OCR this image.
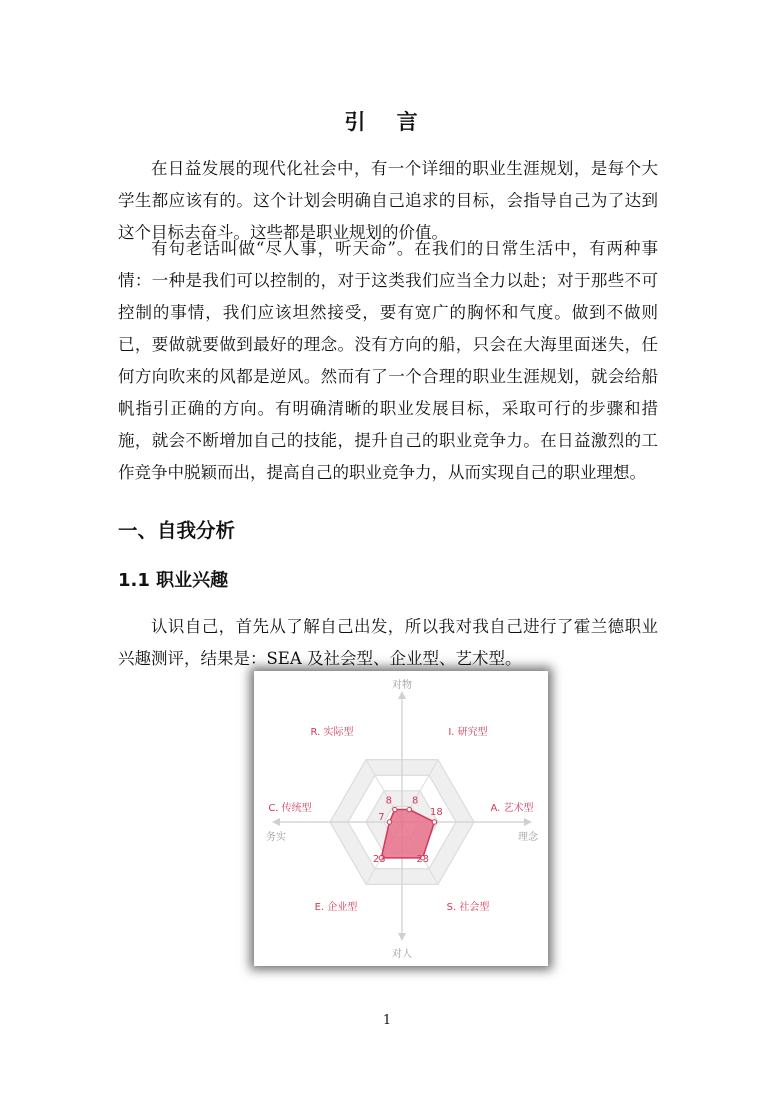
引 言
在日益发展的现代化社会中，有一个详细的职业生涯规划，是每个大学生都应该有的。这个计划会明确自己追求的目标，会指导自己为了达到这个目标去奋斗。这些都是职业规划的价值。
有句老话叫做“尽人事，听天命”。在我们的日常生活中，有两种事情：一种是我们可以控制的，对于这类我们应当全力以赴；对于那些不可控制的事情，我们应该坦然接受，要有宽广的胸怀和气度。做到不做则已，要做就要做到最好的理念。没有方向的船，只会在大海里面迷失，任何方向吹来的风都是逆风。然而有了一个合理的职业生涯规划，就会给船帆指引正确的方向。有明确清晰的职业发展目标，采取可行的步骤和措施，就会不断增加自己的技能，提升自己的职业竞争力。在日益激烈的工作竞争中脱颖而出，提高自己的职业竞争力，从而实现自己的职业理想。
一、自我分析
1.1 职业兴趣
认识自己，首先从了解自己出发，所以我对我自己进行了霍兰德职业兴趣测评，结果是：SEA 及社会型、企业型、艺术型。
8 8
18
23
23
7
R. 实际型	I. 研究型
A. 艺术型
S. 社会型
E. 企业型
C. 传统型
对物
对人
务实	理念
1
